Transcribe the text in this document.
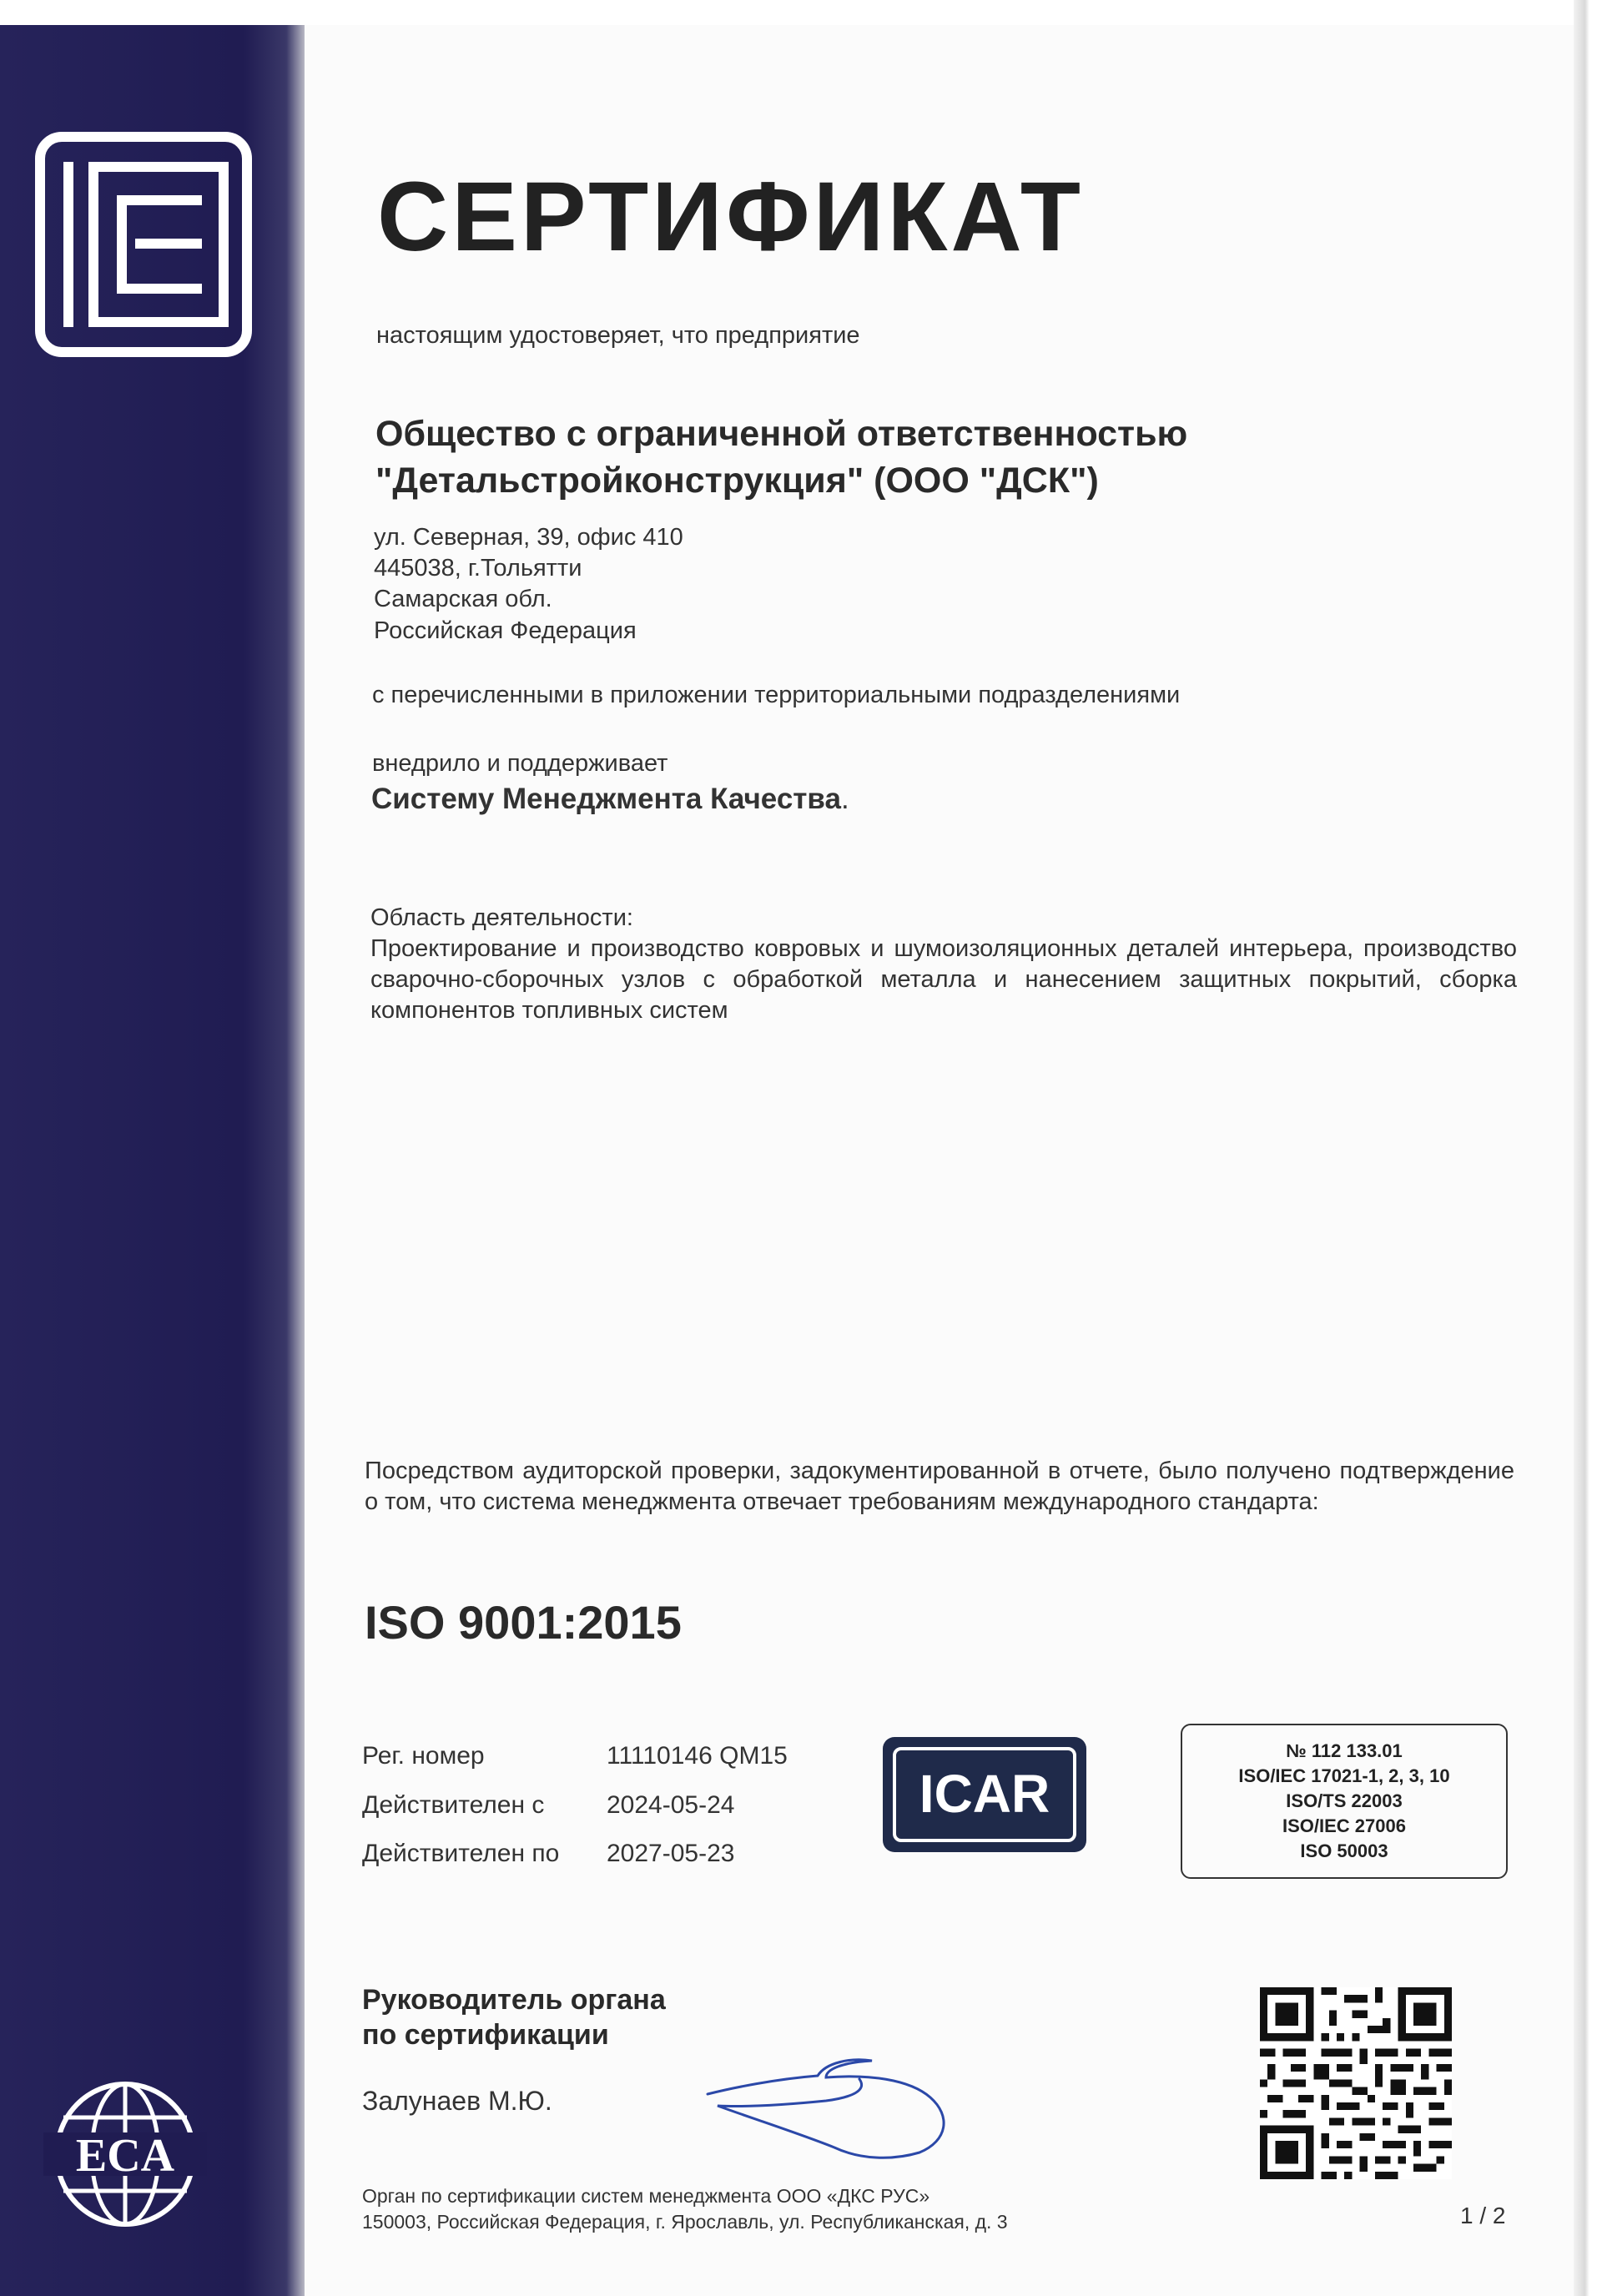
ECA
СЕРТИФИКАТ
настоящим удостоверяет, что предприятие
Общество с ограниченной ответственностью
"Детальстройконструкция" (ООО "ДСК")
ул. Северная, 39, офис 410
445038, г.Тольятти
Самарская обл.
Российская Федерация
с перечисленными в приложении территориальными подразделениями
внедрило и поддерживает
Систему Менеджмента Качества.
Область деятельности:
Проектирование и производство ковровых и шумоизоляционных деталей интерьера, производство сварочно-сборочных узлов с обработкой металла и нанесением защитных покрытий, сборка компонентов топливных систем
Посредством аудиторской проверки, задокументированной в отчете, было получено подтверждение о том, что система менеджмента отвечает требованиям международного стандарта:
ISO 9001:2015
Рег. номер	11110146 QM15
Действителен с 2024-05-24
Действителен по 2027-05-23
ICAR
№ 112 133.01
ISO/IEC 17021-1, 2, 3, 10
ISO/TS 22003
ISO/IEC 27006
ISO 50003
Руководитель органа
по сертификации
Залунаев М.Ю.
Орган по сертификации систем менеджмента ООО «ДКС РУС»
150003, Российская Федерация, г. Ярославль, ул. Республиканская, д. 3	1 / 2
